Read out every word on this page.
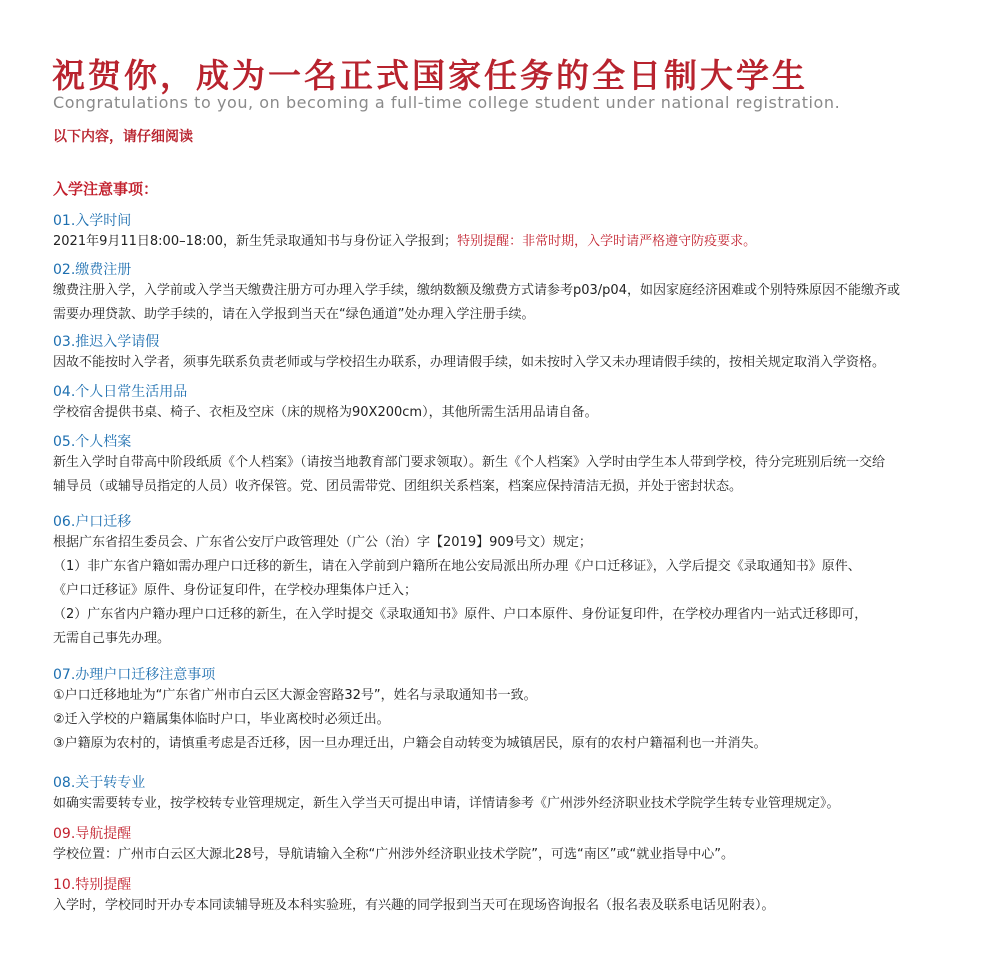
祝贺你，成为一名正式国家任务的全日制大学生
Congratulations to you, on becoming a full-time college student under national registration.
以下内容，请仔细阅读
入学注意事项：
01.入学时间
2021年9月11日8:00–18:00，新生凭录取通知书与身份证入学报到；特别提醒：非常时期，入学时请严格遵守防疫要求。
02.缴费注册
缴费注册入学，入学前或入学当天缴费注册方可办理入学手续，缴纳数额及缴费方式请参考p03/p04，如因家庭经济困难或个别特殊原因不能缴齐或
需要办理贷款、助学手续的，请在入学报到当天在“绿色通道”处办理入学注册手续。
03.推迟入学请假
因故不能按时入学者，须事先联系负责老师或与学校招生办联系，办理请假手续，如未按时入学又未办理请假手续的，按相关规定取消入学资格。
04.个人日常生活用品
学校宿舍提供书桌、椅子、衣柜及空床（床的规格为90X200cm），其他所需生活用品请自备。
05.个人档案
新生入学时自带高中阶段纸质《个人档案》（请按当地教育部门要求领取）。新生《个人档案》入学时由学生本人带到学校，待分完班别后统一交给
辅导员（或辅导员指定的人员）收齐保管。党、团员需带党、团组织关系档案，档案应保持清洁无损，并处于密封状态。
06.户口迁移
根据广东省招生委员会、广东省公安厅户政管理处（广公（治）字【2019】909号文）规定；
（1）非广东省户籍如需办理户口迁移的新生，请在入学前到户籍所在地公安局派出所办理《户口迁移证》，入学后提交《录取通知书》原件、
《户口迁移证》原件、身份证复印件，在学校办理集体户迁入；
（2）广东省内户籍办理户口迁移的新生，在入学时提交《录取通知书》原件、户口本原件、身份证复印件，在学校办理省内一站式迁移即可，
无需自己事先办理。
07.办理户口迁移注意事项
①户口迁移地址为“广东省广州市白云区大源金窖路32号”，姓名与录取通知书一致。
②迁入学校的户籍属集体临时户口，毕业离校时必须迁出。
③户籍原为农村的，请慎重考虑是否迁移，因一旦办理迁出，户籍会自动转变为城镇居民，原有的农村户籍福利也一并消失。
08.关于转专业
如确实需要转专业，按学校转专业管理规定，新生入学当天可提出申请，详情请参考《广州涉外经济职业技术学院学生转专业管理规定》。
09.导航提醒
学校位置：广州市白云区大源北28号，导航请输入全称“广州涉外经济职业技术学院”，可选“南区”或“就业指导中心”。
10.特别提醒
入学时，学校同时开办专本同读辅导班及本科实验班，有兴趣的同学报到当天可在现场咨询报名（报名表及联系电话见附表）。
